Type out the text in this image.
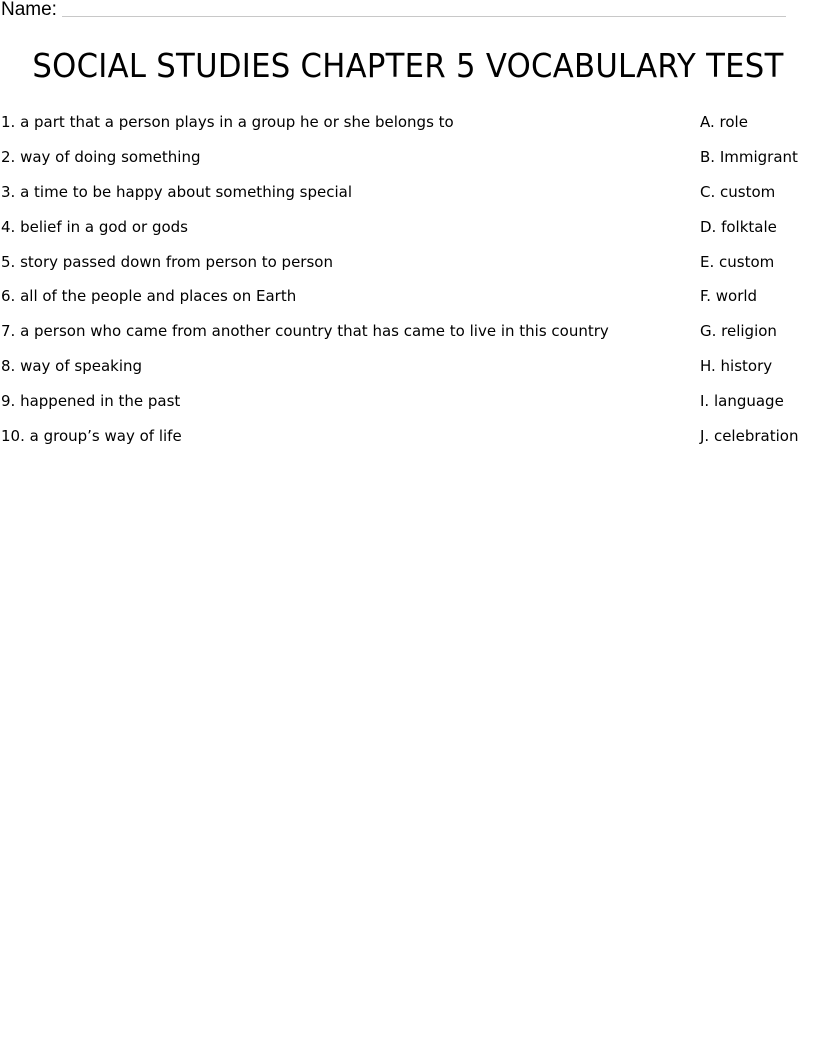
Name:
SOCIAL STUDIES CHAPTER 5 VOCABULARY TEST
1. a part that a person plays in a group he or she belongs to
2. way of doing something
3. a time to be happy about something special
4. belief in a god or gods
5. story passed down from person to person
6. all of the people and places on Earth
7. a person who came from another country that has came to live in this country
8. way of speaking
9. happened in the past
10. a group’s way of life
A. role
B. Immigrant
C. custom
D. folktale
E. custom
F. world
G. religion
H. history
I. language
J. celebration
